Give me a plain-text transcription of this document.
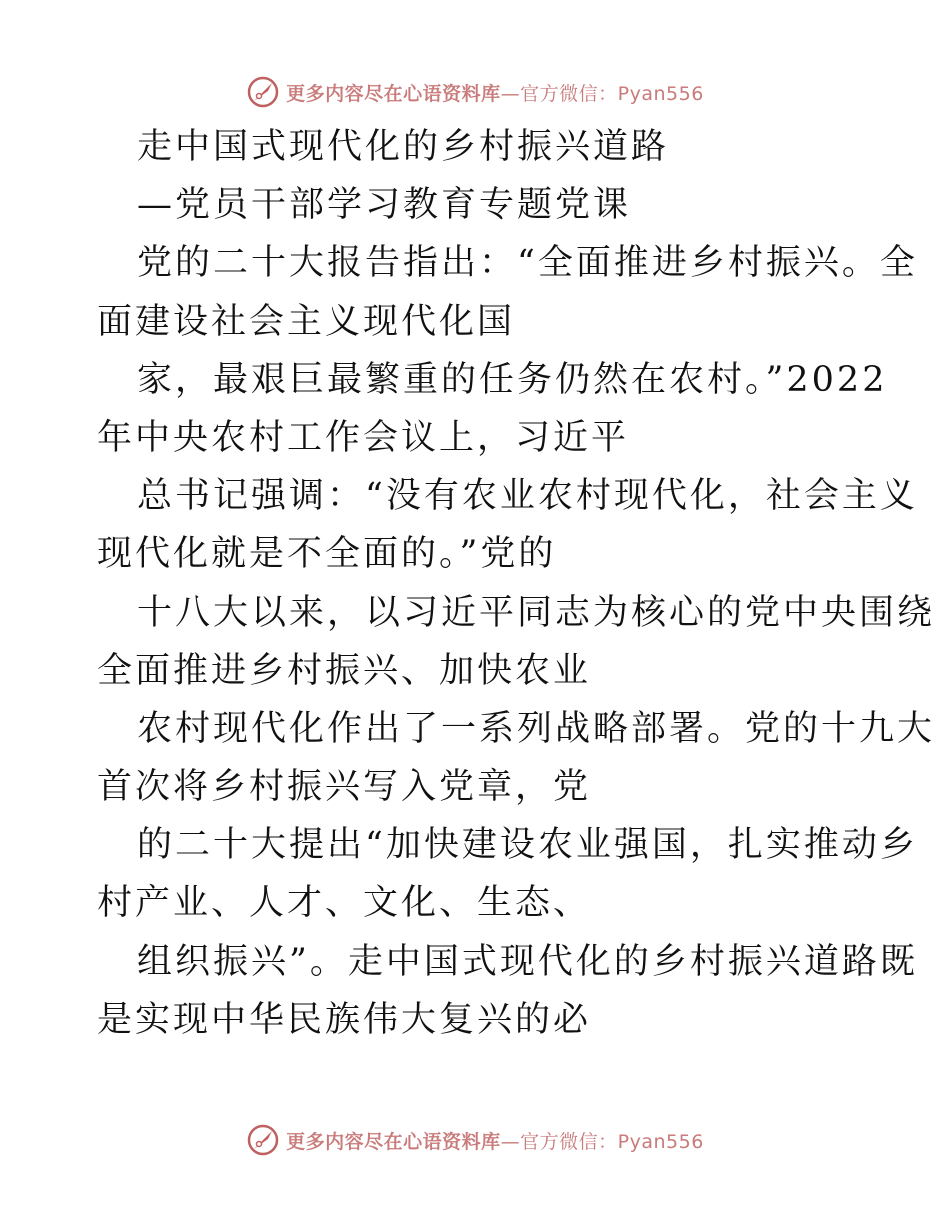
更多内容尽在心语资料库—官方微信：Pyan556
走中国式现代化的乡村振兴道路
—党员干部学习教育专题党课
党的二十大报告指出：“全面推进乡村振兴。全
面建设社会主义现代化国
家，最艰巨最繁重的任务仍然在农村。”2022
年中央农村工作会议上，习近平
总书记强调：“没有农业农村现代化，社会主义
现代化就是不全面的。”党的
十八大以来，以习近平同志为核心的党中央围绕
全面推进乡村振兴、加快农业
农村现代化作出了一系列战略部署。党的十九大
首次将乡村振兴写入党章，党
的二十大提出“加快建设农业强国，扎实推动乡
村产业、人才、文化、生态、
组织振兴”。走中国式现代化的乡村振兴道路既
是实现中华民族伟大复兴的必
更多内容尽在心语资料库—官方微信：Pyan556
